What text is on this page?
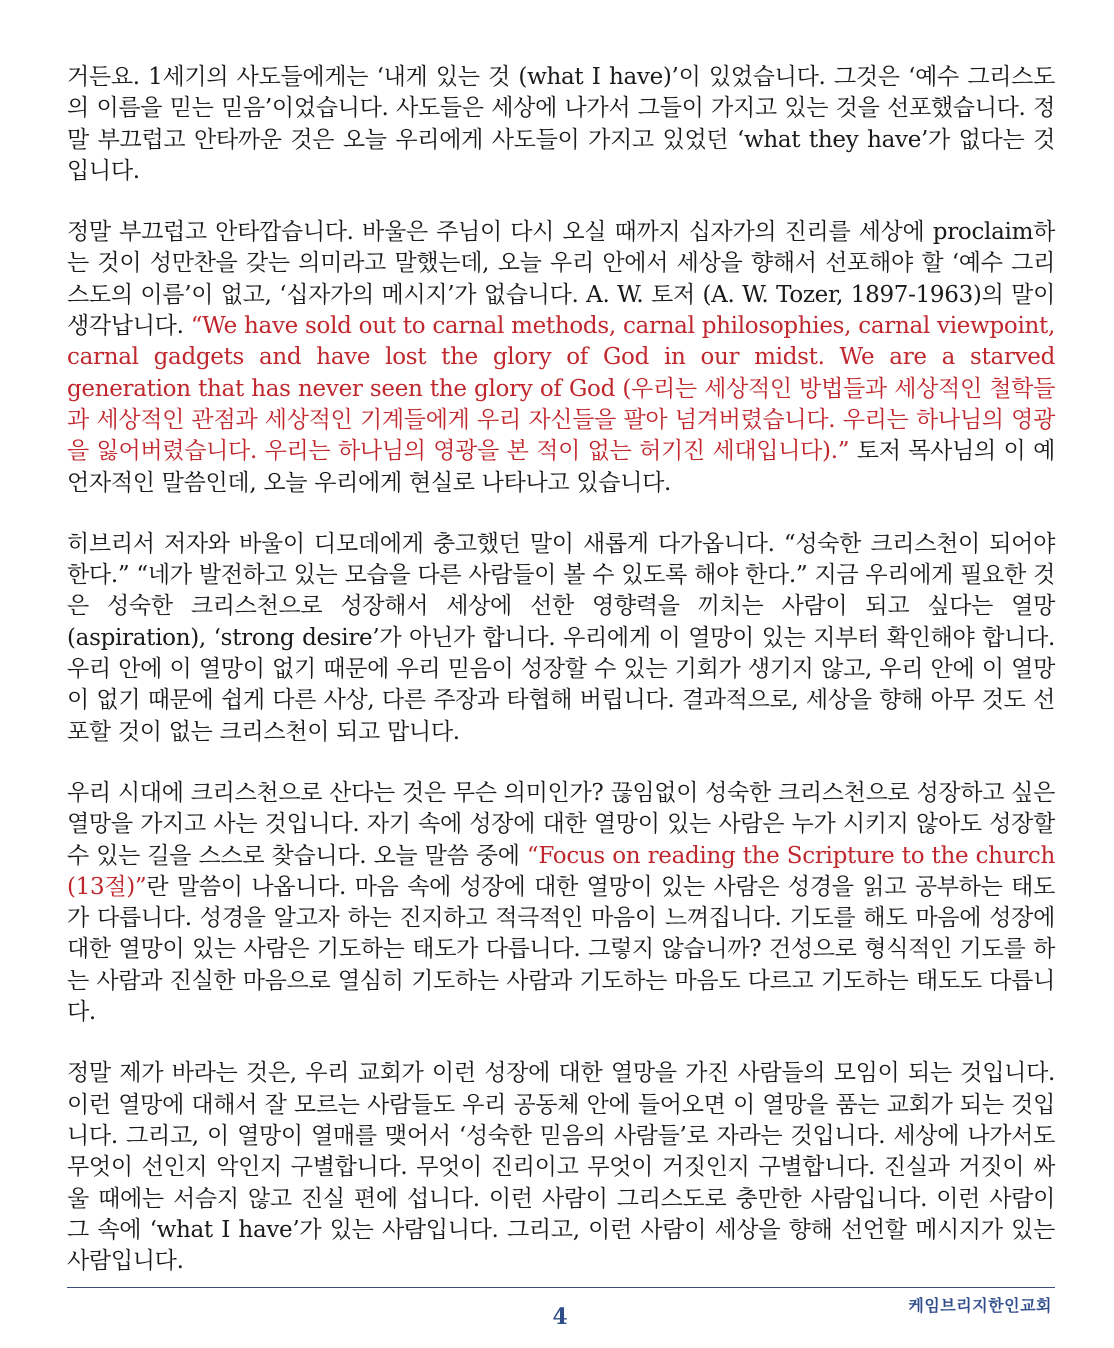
거든요. 1세기의 사도들에게는 ‘내게 있는 것 (what I have)’이 있었습니다. 그것은 ‘예수 그리스도의 이름을 믿는 믿음’이었습니다. 사도들은 세상에 나가서 그들이 가지고 있는 것을 선포했습니다. 정말 부끄럽고 안타까운 것은 오늘 우리에게 사도들이 가지고 있었던 ‘what they have’가 없다는 것입니다.

정말 부끄럽고 안타깝습니다. 바울은 주님이 다시 오실 때까지 십자가의 진리를 세상에 proclaim하는 것이 성만찬을 갖는 의미라고 말했는데, 오늘 우리 안에서 세상을 향해서 선포해야 할 ‘예수 그리스도의 이름’이 없고, ‘십자가의 메시지’가 없습니다. A. W. 토저 (A. W. Tozer, 1897-1963)의 말이 생각납니다. “We have sold out to carnal methods, carnal philosophies, carnal viewpoint, carnal gadgets and have lost the glory of God in our midst. We are a starved generation that has never seen the glory of God (우리는 세상적인 방법들과 세상적인 철학들과 세상적인 관점과 세상적인 기계들에게 우리 자신들을 팔아 넘겨버렸습니다. 우리는 하나님의 영광을 잃어버렸습니다. 우리는 하나님의 영광을 본 적이 없는 허기진 세대입니다).” 토저 목사님의 이 예언자적인 말씀인데, 오늘 우리에게 현실로 나타나고 있습니다.

히브리서 저자와 바울이 디모데에게 충고했던 말이 새롭게 다가옵니다. “성숙한 크리스천이 되어야 한다.” “네가 발전하고 있는 모습을 다른 사람들이 볼 수 있도록 해야 한다.” 지금 우리에게 필요한 것은 성숙한 크리스천으로 성장해서 세상에 선한 영향력을 끼치는 사람이 되고 싶다는 열망 (aspiration), ‘strong desire’가 아닌가 합니다. 우리에게 이 열망이 있는 지부터 확인해야 합니다. 우리 안에 이 열망이 없기 때문에 우리 믿음이 성장할 수 있는 기회가 생기지 않고, 우리 안에 이 열망이 없기 때문에 쉽게 다른 사상, 다른 주장과 타협해 버립니다. 결과적으로, 세상을 향해 아무 것도 선포할 것이 없는 크리스천이 되고 맙니다.

우리 시대에 크리스천으로 산다는 것은 무슨 의미인가? 끊임없이 성숙한 크리스천으로 성장하고 싶은 열망을 가지고 사는 것입니다. 자기 속에 성장에 대한 열망이 있는 사람은 누가 시키지 않아도 성장할 수 있는 길을 스스로 찾습니다. 오늘 말씀 중에 “Focus on reading the Scripture to the church (13절)”란 말씀이 나옵니다. 마음 속에 성장에 대한 열망이 있는 사람은 성경을 읽고 공부하는 태도가 다릅니다. 성경을 알고자 하는 진지하고 적극적인 마음이 느껴집니다. 기도를 해도 마음에 성장에 대한 열망이 있는 사람은 기도하는 태도가 다릅니다. 그렇지 않습니까? 건성으로 형식적인 기도를 하는 사람과 진실한 마음으로 열심히 기도하는 사람과 기도하는 마음도 다르고 기도하는 태도도 다릅니다.

정말 제가 바라는 것은, 우리 교회가 이런 성장에 대한 열망을 가진 사람들의 모임이 되는 것입니다. 이런 열망에 대해서 잘 모르는 사람들도 우리 공동체 안에 들어오면 이 열망을 품는 교회가 되는 것입니다. 그리고, 이 열망이 열매를 맺어서 ‘성숙한 믿음의 사람들’로 자라는 것입니다. 세상에 나가서도 무엇이 선인지 악인지 구별합니다. 무엇이 진리이고 무엇이 거짓인지 구별합니다. 진실과 거짓이 싸울 때에는 서슴지 않고 진실 편에 섭니다. 이런 사람이 그리스도로 충만한 사람입니다. 이런 사람이 그 속에 ‘what I have’가 있는 사람입니다. 그리고, 이런 사람이 세상을 향해 선언할 메시지가 있는 사람입니다.

케임브리지한인교회
4
